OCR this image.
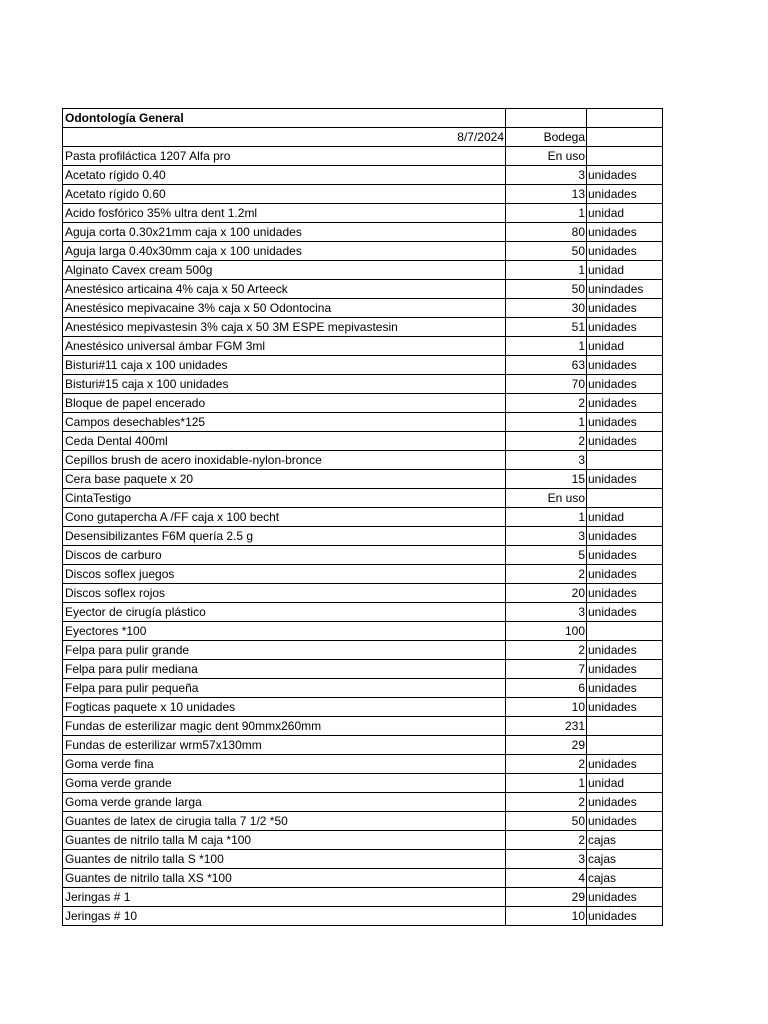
Odontología General		
8/7/2024	Bodega	
Pasta profiláctica 1207 Alfa pro	En uso	
Acetato rígido 0.40	3	unidades
Acetato rígido 0.60	13	unidades
Acido fosfórico 35% ultra dent 1.2ml	1	unidad
Aguja corta 0.30x21mm caja x 100 unidades	80	unidades
Aguja larga 0.40x30mm caja x 100 unidades	50	unidades
Alginato Cavex cream 500g	1	unidad
Anestésico articaina 4% caja x 50 Arteeck	50	unindades
Anestésico mepivacaine 3% caja x 50 Odontocina	30	unidades
Anestésico mepivastesin 3% caja x 50 3M ESPE mepivastesin	51	unidades
Anestésico universal ámbar FGM 3ml	1	unidad
Bisturi#11 caja x 100 unidades	63	unidades
Bisturi#15 caja x 100 unidades	70	unidades
Bloque de papel encerado	2	unidades
Campos desechables*125	1	unidades
Ceda Dental 400ml	2	unidades
Cepillos brush de acero inoxidable-nylon-bronce	3	
Cera base paquete x 20	15	unidades
CintaTestigo	En uso	
Cono gutapercha A /FF caja x 100 becht	1	unidad
Desensibilizantes F6M quería 2.5 g	3	unidades
Discos de carburo	5	unidades
Discos soflex juegos	2	unidades
Discos soflex rojos	20	unidades
Eyector de cirugía plástico	3	unidades
Eyectores *100	100	
Felpa para pulir grande	2	unidades
Felpa para pulir mediana	7	unidades
Felpa para pulir pequeña	6	unidades
Fogticas paquete x 10 unidades	10	unidades
Fundas de esterilizar magic dent 90mmx260mm	231	
Fundas de esterilizar wrm57x130mm	29	
Goma verde fina	2	unidades
Goma verde grande	1	unidad
Goma verde grande larga	2	unidades
Guantes de latex de cirugia talla 7 1/2 *50	50	unidades
Guantes de nitrilo talla M caja *100	2	cajas
Guantes de nitrilo talla S *100	3	cajas
Guantes de nitrilo talla XS *100	4	cajas
Jeringas # 1	29	unidades
Jeringas # 10	10	unidades
